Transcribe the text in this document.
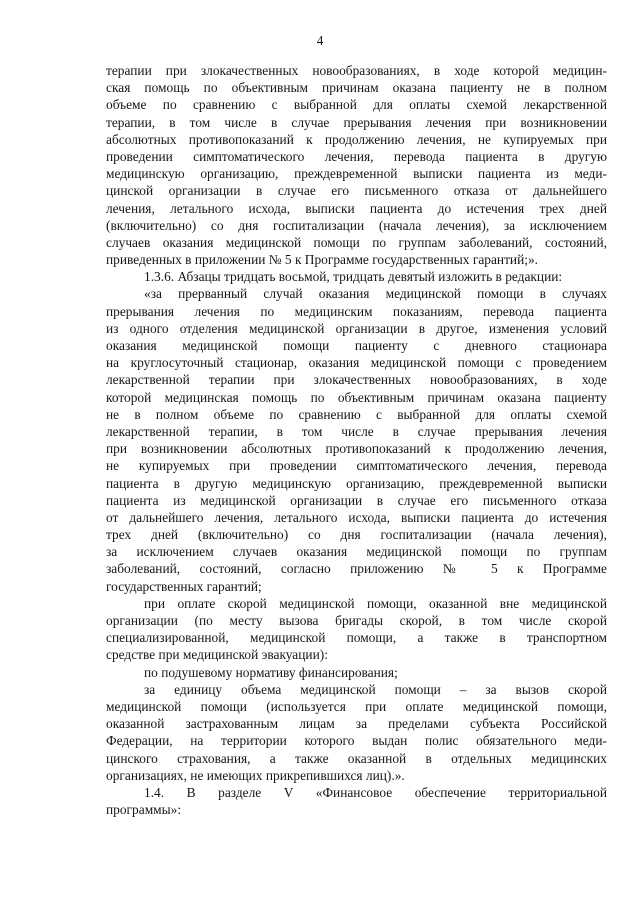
4
терапии при злокачественных новообразованиях, в ходе которой медицин-
ская помощь по объективным причинам оказана пациенту не в полном
объеме по сравнению с выбранной для оплаты схемой лекарственной
терапии, в том числе в случае прерывания лечения при возникновении
абсолютных противопоказаний к продолжению лечения, не купируемых при
проведении симптоматического лечения, перевода пациента в другую
медицинскую организацию, преждевременной выписки пациента из меди-
цинской организации в случае его письменного отказа от дальнейшего
лечения, летального исхода, выписки пациента до истечения трех дней
(включительно) со дня госпитализации (начала лечения), за исключением
случаев оказания медицинской помощи по группам заболеваний, состояний,
приведенных в приложении № 5 к Программе государственных гарантий;».
1.3.6. Абзацы тридцать восьмой, тридцать девятый изложить в редакции:
«за прерванный случай оказания медицинской помощи в случаях
прерывания лечения по медицинским показаниям, перевода пациента
из одного отделения медицинской организации в другое, изменения условий
оказания медицинской помощи пациенту с дневного стационара
на круглосуточный стационар, оказания медицинской помощи с проведением
лекарственной терапии при злокачественных новообразованиях, в ходе
которой медицинская помощь по объективным причинам оказана пациенту
не в полном объеме по сравнению с выбранной для оплаты схемой
лекарственной терапии, в том числе в случае прерывания лечения
при возникновении абсолютных противопоказаний к продолжению лечения,
не купируемых при проведении симптоматического лечения, перевода
пациента в другую медицинскую организацию, преждевременной выписки
пациента из медицинской организации в случае его письменного отказа
от дальнейшего лечения, летального исхода, выписки пациента до истечения
трех дней (включительно) со дня госпитализации (начала лечения),
за исключением случаев оказания медицинской помощи по группам
заболеваний, состояний, согласно приложению № 5 к Программе
государственных гарантий;
при оплате скорой медицинской помощи, оказанной вне медицинской
организации (по месту вызова бригады скорой, в том числе скорой
специализированной, медицинской помощи, а также в транспортном
средстве при медицинской эвакуации):
по подушевому нормативу финансирования;
за единицу объема медицинской помощи – за вызов скорой
медицинской помощи (используется при оплате медицинской помощи,
оказанной застрахованным лицам за пределами субъекта Российской
Федерации, на территории которого выдан полис обязательного меди-
цинского страхования, а также оказанной в отдельных медицинских
организациях, не имеющих прикрепившихся лиц).».
1.4. В разделе V «Финансовое обеспечение территориальной
программы»:
